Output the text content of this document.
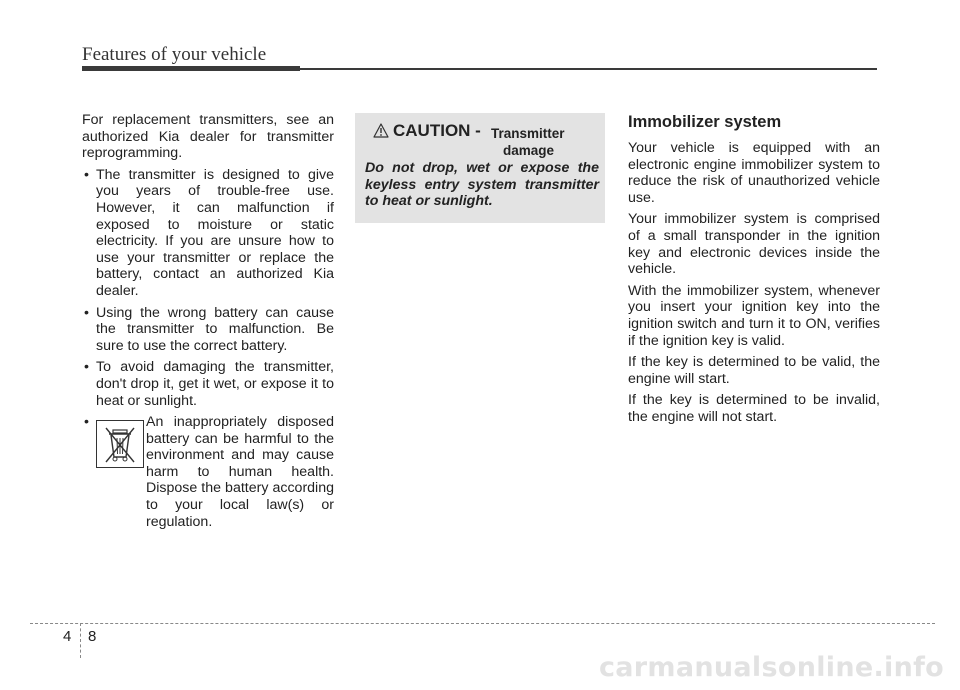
Features of your vehicle

For replacement transmitters, see an authorized Kia dealer for transmitter reprogramming.

• The transmitter is designed to give you years of trouble-free use. However, it can malfunction if exposed to moisture or static electricity. If you are unsure how to use your transmitter or replace the battery, contact an authorized Kia dealer.

• Using the wrong battery can cause the transmitter to malfunction. Be sure to use the correct battery.

• To avoid damaging the transmitter, don't drop it, get it wet, or expose it to heat or sunlight.

•	An inappropriately disposed battery can be harmful to the environment and may cause harm to human health. Dispose the battery according to your local law(s) or regulation.
CAUTION - Transmitter
damage

Do not drop, wet or expose the keyless entry system transmitter to heat or sunlight.

Immobilizer system

Your vehicle is equipped with an electronic engine immobilizer system to reduce the risk of unauthorized vehicle use.

Your immobilizer system is comprised of a small transponder in the ignition key and electronic devices inside the vehicle.

With the immobilizer system, whenever you insert your ignition key into the ignition switch and turn it to ON, verifies if the ignition key is valid.

If the key is determined to be valid, the engine will start.

If the key is determined to be invalid, the engine will not start.

4 8
carmanualsonline.info
